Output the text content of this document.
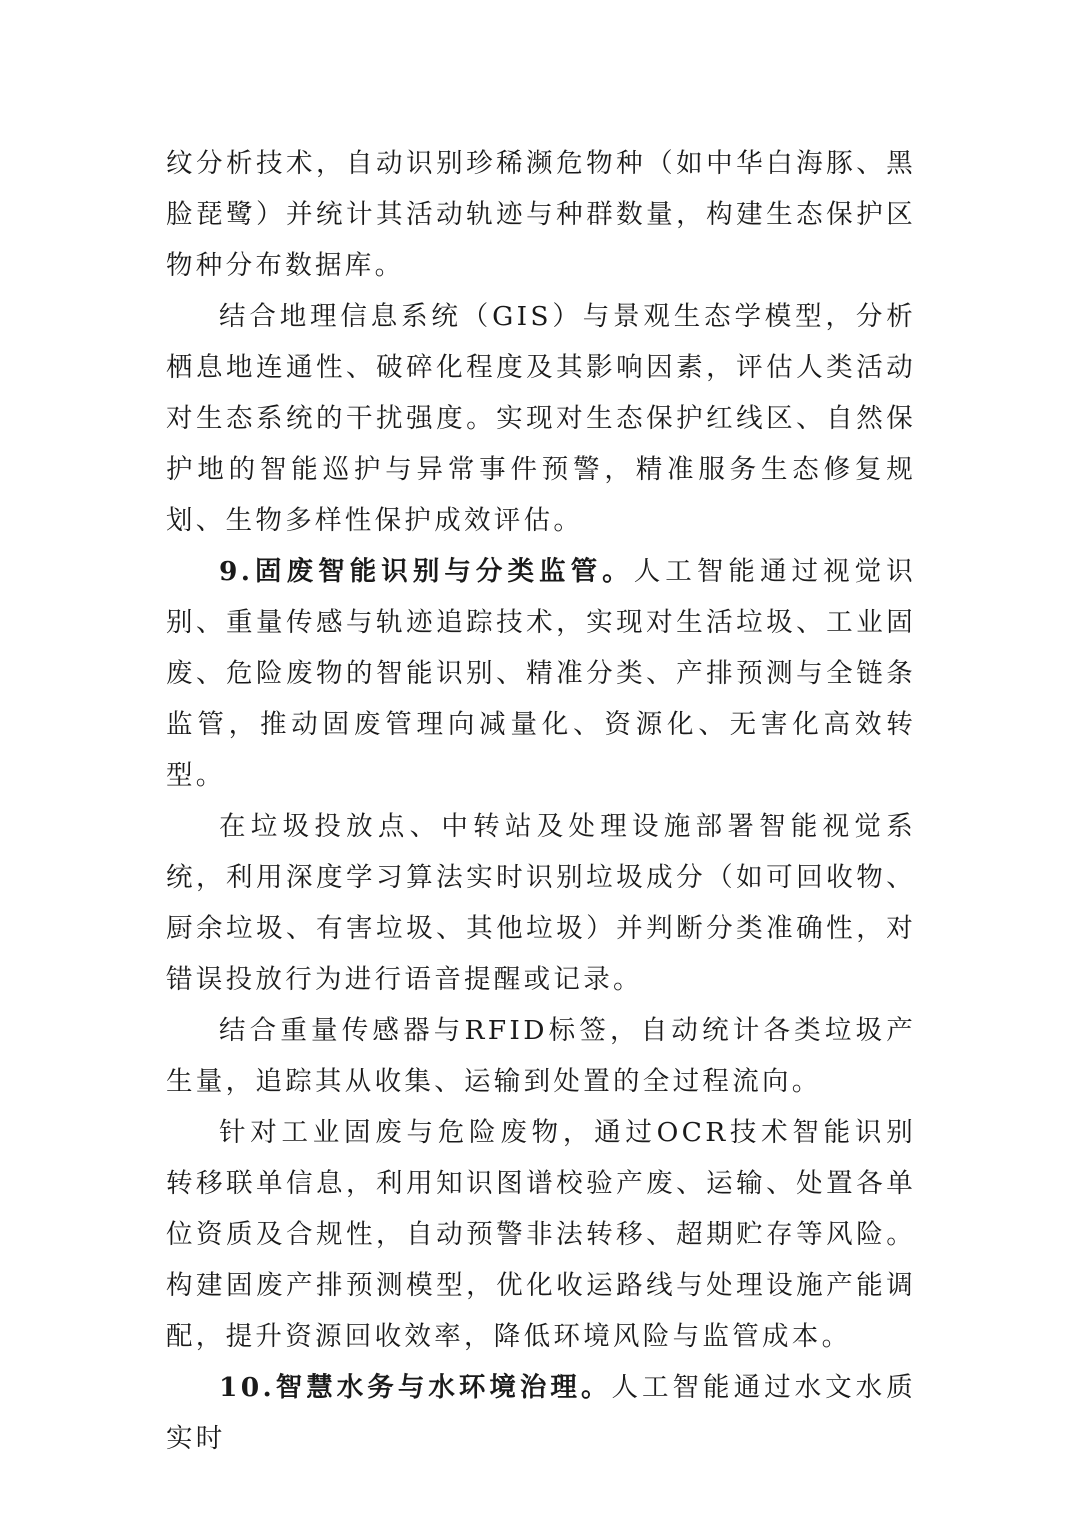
纹分析技术，自动识别珍稀濒危物种（如中华白海豚、黑脸琵鹭）并统计其活动轨迹与种群数量，构建生态保护区物种分布数据库。

结合地理信息系统（GIS）与景观生态学模型，分析栖息地连通性、破碎化程度及其影响因素，评估人类活动对生态系统的干扰强度。实现对生态保护红线区、自然保护地的智能巡护与异常事件预警，精准服务生态修复规划、生物多样性保护成效评估。

9.固废智能识别与分类监管。人工智能通过视觉识别、重量传感与轨迹追踪技术，实现对生活垃圾、工业固废、危险废物的智能识别、精准分类、产排预测与全链条监管，推动固废管理向减量化、资源化、无害化高效转型。

在垃圾投放点、中转站及处理设施部署智能视觉系统，利用深度学习算法实时识别垃圾成分（如可回收物、厨余垃圾、有害垃圾、其他垃圾）并判断分类准确性，对错误投放行为进行语音提醒或记录。

结合重量传感器与RFID标签，自动统计各类垃圾产生量，追踪其从收集、运输到处置的全过程流向。

针对工业固废与危险废物，通过OCR技术智能识别转移联单信息，利用知识图谱校验产废、运输、处置各单位资质及合规性，自动预警非法转移、超期贮存等风险。构建固废产排预测模型，优化收运路线与处理设施产能调配，提升资源回收效率，降低环境风险与监管成本。

10.智慧水务与水环境治理。人工智能通过水文水质实时
